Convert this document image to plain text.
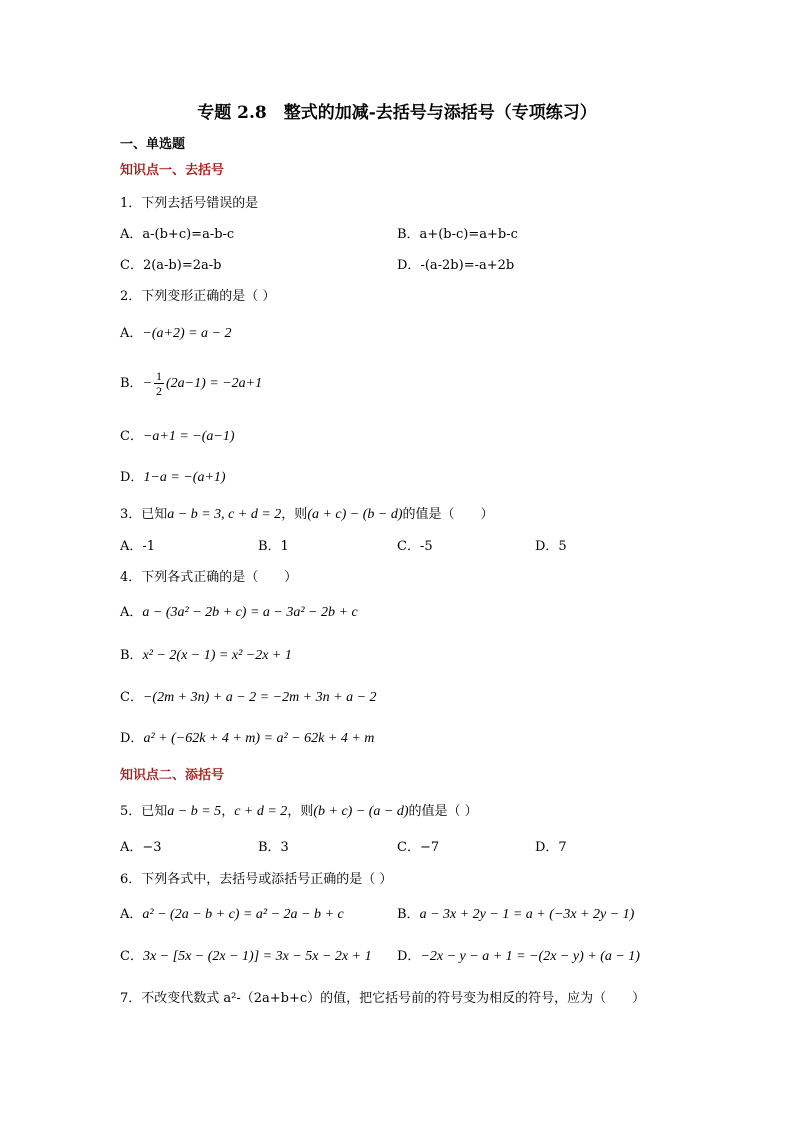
专题 2.8　整式的加减-去括号与添括号（专项练习）
一、单选题
知识点一、去括号
1．下列去括号错误的是
A．a-(b+c)=a-b-c	B．a+(b-c)=a+b-c
C．2(a-b)=2a-b	D．-(a-2b)=-a+2b
2．下列变形正确的是（ ）
A．−(a+2) = a − 2
B．− $\frac{1}{2} (2a-1) = -2a+1$
C．−a+1 = −(a−1)
D．1−a = −(a+1)
3．已知a − b = 3, c + d = 2，则(a + c) − (b − d)的值是（　　）
A．-1	B．1	C．-5	D．5
4．下列各式正确的是（　　）
A．a − (3a² − 2b + c) = a − 3a² − 2b + c
B．x² − 2(x − 1) = x² −2x + 1
C．−(2m + 3n) + a − 2 = −2m + 3n + a − 2
D．a² + (−62k + 4 + m) = a² − 62k + 4 + m
知识点二、添括号
5．已知a − b = 5，c + d = 2，则(b + c) − (a − d)的值是（ ）
A．−3	B．3	C．−7	D．7
6．下列各式中，去括号或添括号正确的是（ ）
A．a² − (2a − b + c) = a² − 2a − b + c	B．a − 3x + 2y − 1 = a + (−3x + 2y − 1)
C．3x − [5x − (2x − 1)] = 3x − 5x − 2x + 1 D．−2x − y − a + 1 = −(2x − y) + (a − 1)
7．不改变代数式 a²-（2a+b+c）的值，把它括号前的符号变为相反的符号，应为（　　）
